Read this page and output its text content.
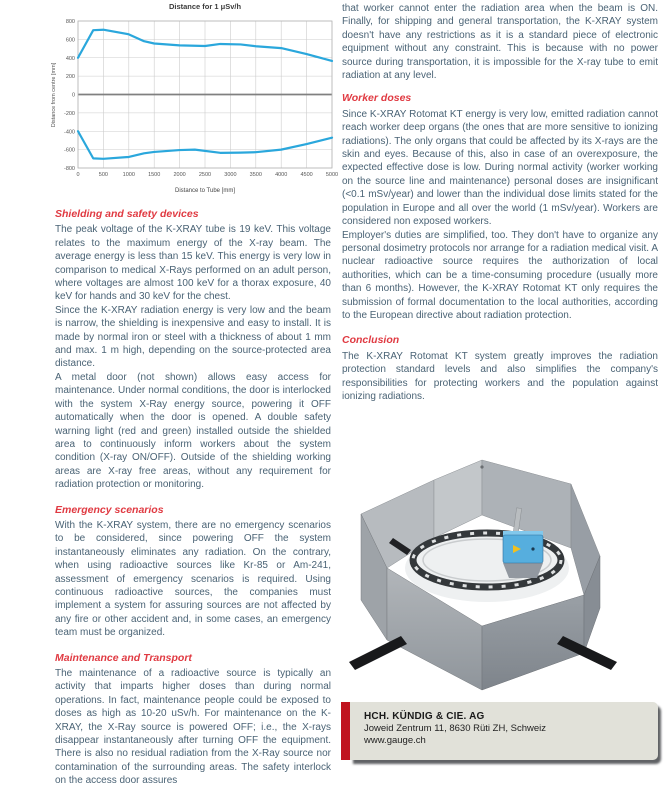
Distance for 1 μSv/h
Distance from centre [mm]
Distance to Tube [mm]
0	500	1000 1500 2000 2500 3000 3500 4000 4500 5000
800
600
400
200
0
-200
-400
-600
-800
Shielding and safety devices

The peak voltage of the K-XRAY tube is 19 keV. This voltage relates to the maximum energy of the X-ray beam. The average energy is less than 15 keV. This energy is very low in comparison to medical X-Rays performed on an adult person, where voltages are almost 100 keV for a thorax exposure, 40 keV for hands and 30 keV for the chest.

Since the K-XRAY radiation energy is very low and the beam is narrow, the shielding is inexpensive and easy to install. It is made by normal iron or steel with a thickness of about 1 mm and max. 1 m high, depending on the source-protected area distance.

A metal door (not shown) allows easy access for maintenance. Under normal conditions, the door is interlocked with the system X-Ray energy source, powering it OFF automatically when the door is opened. A double safety warning light (red and green) installed outside the shielded area to continuously inform workers about the system condition (X-ray ON/OFF). Outside of the shielding working areas are X-ray free areas, without any requirement for radiation protection or monitoring.

Emergency scenarios

With the K-XRAY system, there are no emergency scenarios to be considered, since powering OFF the system instantaneously eliminates any radiation. On the contrary, when using radioactive sources like Kr-85 or Am-241, assessment of emergency scenarios is required. Using continuous radioactive sources, the companies must implement a system for assuring sources are not affected by any fire or other accident and, in some cases, an emergency team must be organized.

Maintenance and Transport

The maintenance of a radioactive source is typically an activity that imparts higher doses than during normal operations. In fact, maintenance people could be exposed to doses as high as 10-20 uSv/h. For maintenance on the K-XRAY, the X-Ray source is powered OFF; i.e., the X-rays disappear instantaneously after turning OFF the equipment. There is also no residual radiation from the X-Ray source nor contamination of the surrounding areas. The safety interlock on the access door assures

that worker cannot enter the radiation area when the beam is ON. Finally, for shipping and general transportation, the K-XRAY system doesn't have any restrictions as it is a standard piece of electronic equipment without any constraint. This is because with no power source during transportation, it is impossible for the X-ray tube to emit radiation at any level.

Worker doses

Since K-XRAY Rotomat KT energy is very low, emitted radiation cannot reach worker deep organs (the ones that are more sensitive to ionizing radiations). The only organs that could be affected by its X-rays are the skin and eyes. Because of this, also in case of an overexposure, the expected effective dose is low. During normal activity (worker working on the source line and maintenance) personal doses are insignificant (<0.1 mSv/year) and lower than the individual dose limits stated for the population in Europe and all over the world (1 mSv/year). Workers are considered non exposed workers.

Employer's duties are simplified, too. They don't have to organize any personal dosimetry protocols nor arrange for a radiation medical visit. A nuclear radioactive source requires the authorization of local authorities, which can be a time-consuming procedure (usually more than 6 months). However, the K-XRAY Rotomat KT only requires the submission of formal documentation to the local authorities, according to the European directive about radiation protection.

Conclusion

The K-XRAY Rotomat KT system greatly improves the radiation protection standard levels and also simplifies the company's responsibilities for protecting workers and the population against ionizing radiations.

HCH. KÜNDIG & CIE. AG
Joweid Zentrum 11, 8630 Rüti ZH, Schweiz
www.gauge.ch
